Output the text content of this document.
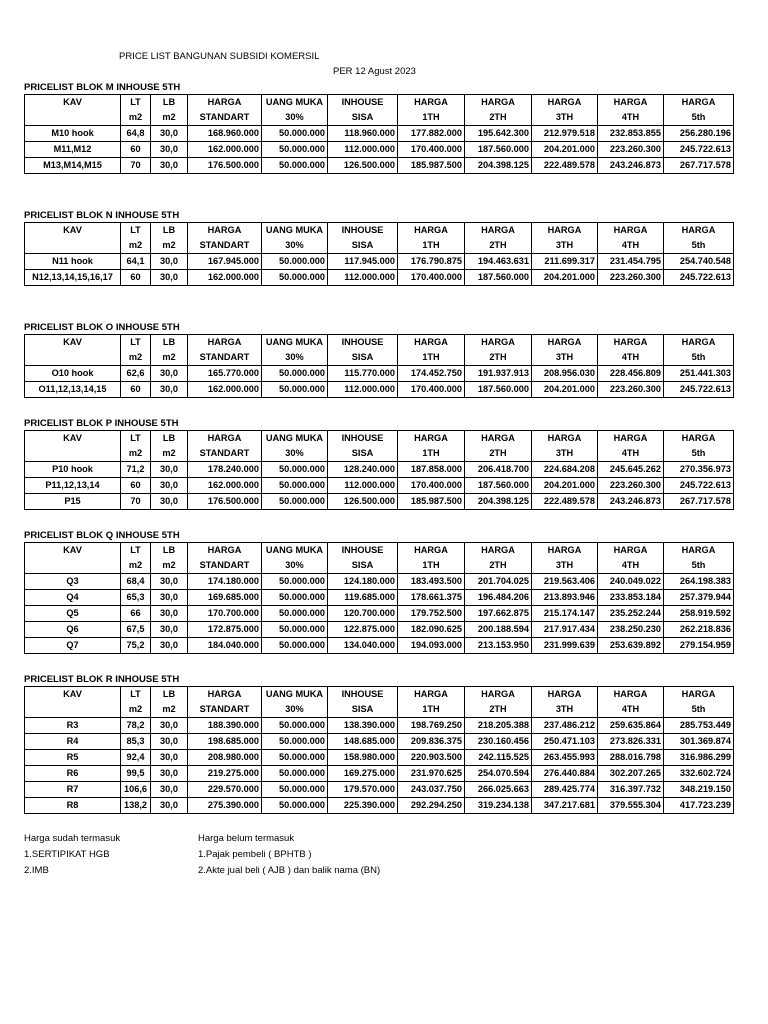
PRICE LIST BANGUNAN SUBSIDI KOMERSIL
PER 12 Agust 2023
PRICELIST BLOK M INHOUSE 5TH
KAV	LT	LB	HARGA	UANG MUKA	INHOUSE	HARGA	HARGA	HARGA	HARGA	HARGA
	m2	m2	STANDART	30%	SISA	1TH	2TH	3TH	4TH	5th
M10 hook	64,8	30,0	168.960.000	50.000.000	118.960.000	177.882.000	195.642.300	212.979.518	232.853.855	256.280.196
M11,M12	60	30,0	162.000.000	50.000.000	112.000.000	170.400.000	187.560.000	204.201.000	223.260.300	245.722.613
M13,M14,M15	70	30,0	176.500.000	50.000.000	126.500.000	185.987.500	204.398.125	222.489.578	243.246.873	267.717.578
PRICELIST BLOK N INHOUSE 5TH
KAV	LT	LB	HARGA	UANG MUKA	INHOUSE	HARGA	HARGA	HARGA	HARGA	HARGA
	m2	m2	STANDART	30%	SISA	1TH	2TH	3TH	4TH	5th
N11 hook	64,1	30,0	167.945.000	50.000.000	117.945.000	176.790.875	194.463.631	211.699.317	231.454.795	254.740.548
N12,13,14,15,16,17	60	30,0	162.000.000	50.000.000	112.000.000	170.400.000	187.560.000	204.201.000	223.260.300	245.722.613
PRICELIST BLOK O INHOUSE 5TH
KAV	LT	LB	HARGA	UANG MUKA	INHOUSE	HARGA	HARGA	HARGA	HARGA	HARGA
	m2	m2	STANDART	30%	SISA	1TH	2TH	3TH	4TH	5th
O10 hook	62,6	30,0	165.770.000	50.000.000	115.770.000	174.452.750	191.937.913	208.956.030	228.456.809	251.441.303
O11,12,13,14,15	60	30,0	162.000.000	50.000.000	112.000.000	170.400.000	187.560.000	204.201.000	223.260.300	245.722.613
PRICELIST BLOK P INHOUSE 5TH
KAV	LT	LB	HARGA	UANG MUKA	INHOUSE	HARGA	HARGA	HARGA	HARGA	HARGA
	m2	m2	STANDART	30%	SISA	1TH	2TH	3TH	4TH	5th
P10 hook	71,2	30,0	178.240.000	50.000.000	128.240.000	187.858.000	206.418.700	224.684.208	245.645.262	270.356.973
P11,12,13,14	60	30,0	162.000.000	50.000.000	112.000.000	170.400.000	187.560.000	204.201.000	223.260.300	245.722.613
P15	70	30,0	176.500.000	50.000.000	126.500.000	185.987.500	204.398.125	222.489.578	243.246.873	267.717.578
PRICELIST BLOK Q INHOUSE 5TH
KAV	LT	LB	HARGA	UANG MUKA	INHOUSE	HARGA	HARGA	HARGA	HARGA	HARGA
	m2	m2	STANDART	30%	SISA	1TH	2TH	3TH	4TH	5th
Q3	68,4	30,0	174.180.000	50.000.000	124.180.000	183.493.500	201.704.025	219.563.406	240.049.022	264.198.383
Q4	65,3	30,0	169.685.000	50.000.000	119.685.000	178.661.375	196.484.206	213.893.946	233.853.184	257.379.944
Q5	66	30,0	170.700.000	50.000.000	120.700.000	179.752.500	197.662.875	215.174.147	235.252.244	258.919.592
Q6	67,5	30,0	172.875.000	50.000.000	122.875.000	182.090.625	200.188.594	217.917.434	238.250.230	262.218.836
Q7	75,2	30,0	184.040.000	50.000.000	134.040.000	194.093.000	213.153.950	231.999.639	253.639.892	279.154.959
PRICELIST BLOK R INHOUSE 5TH
KAV	LT	LB	HARGA	UANG MUKA	INHOUSE	HARGA	HARGA	HARGA	HARGA	HARGA
	m2	m2	STANDART	30%	SISA	1TH	2TH	3TH	4TH	5th
R3	78,2	30,0	188.390.000	50.000.000	138.390.000	198.769.250	218.205.388	237.486.212	259.635.864	285.753.449
R4	85,3	30,0	198.685.000	50.000.000	148.685.000	209.836.375	230.160.456	250.471.103	273.826.331	301.369.874
R5	92,4	30,0	208.980.000	50.000.000	158.980.000	220.903.500	242.115.525	263.455.993	288.016.798	316.986.299
R6	99,5	30,0	219.275.000	50.000.000	169.275.000	231.970.625	254.070.594	276.440.884	302.207.265	332.602.724
R7	106,6	30,0	229.570.000	50.000.000	179.570.000	243.037.750	266.025.663	289.425.774	316.397.732	348.219.150
R8	138,2	30,0	275.390.000	50.000.000	225.390.000	292.294.250	319.234.138	347.217.681	379.555.304	417.723.239
Harga sudah termasuk
1.SERTIPIKAT HGB
2.IMB
Harga belum termasuk
1.Pajak pembeli ( BPHTB )
2.Akte jual beli ( AJB ) dan balik nama (BN)
